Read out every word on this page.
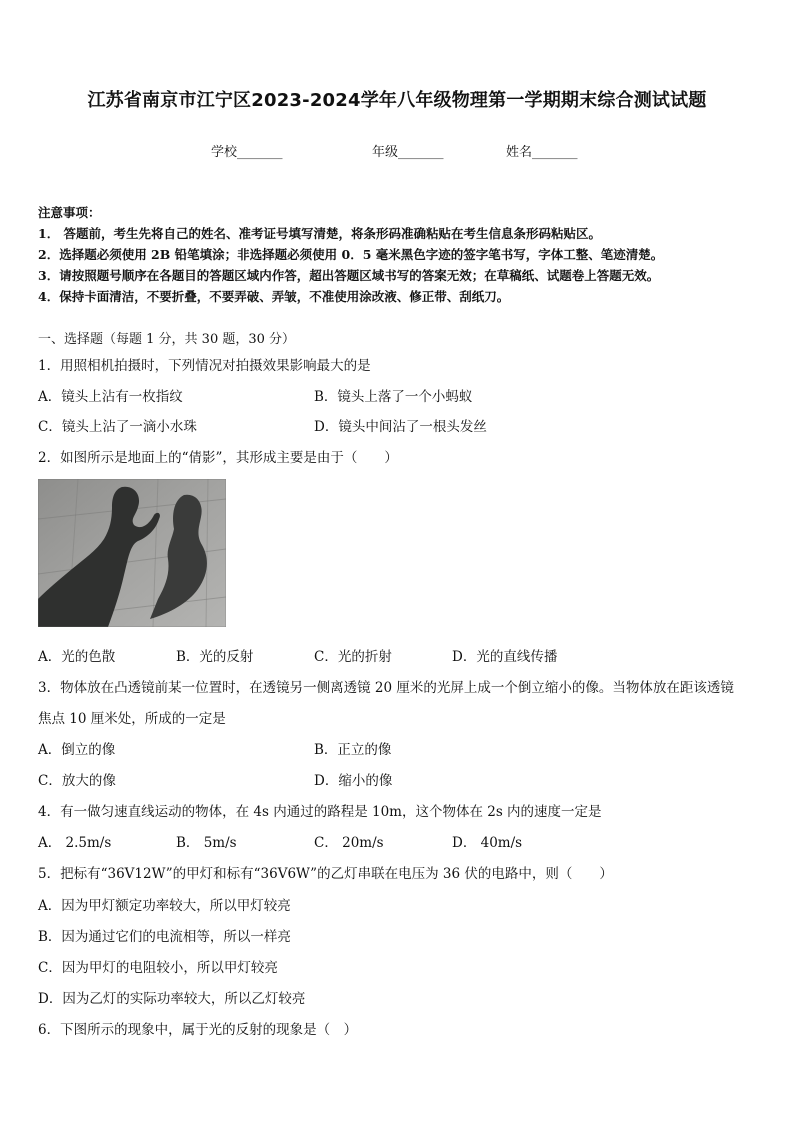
江苏省南京市江宁区2023-2024学年八年级物理第一学期期末综合测试试题
学校_______	年级_______	姓名_______
注意事项：
1． 答题前，考生先将自己的姓名、准考证号填写清楚，将条形码准确粘贴在考生信息条形码粘贴区。
2．选择题必须使用 2B 铅笔填涂；非选择题必须使用 0．5 毫米黑色字迹的签字笔书写，字体工整、笔迹清楚。
3．请按照题号顺序在各题目的答题区域内作答，超出答题区域书写的答案无效；在草稿纸、试题卷上答题无效。
4．保持卡面清洁，不要折叠，不要弄破、弄皱，不准使用涂改液、修正带、刮纸刀。
一、选择题（每题 1 分，共 30 题，30 分）
1．用照相机拍摄时，下列情况对拍摄效果影响最大的是
A．镜头上沾有一枚指纹	B．镜头上落了一个小蚂蚁
C．镜头上沾了一滴小水珠	D．镜头中间沾了一根头发丝
2．如图所示是地面上的“倩影”，其形成主要是由于（　　）
A．光的色散	B．光的反射	C．光的折射	D．光的直线传播
3．物体放在凸透镜前某一位置时，在透镜另一侧离透镜 20 厘米的光屏上成一个倒立缩小的像。当物体放在距该透镜
焦点 10 厘米处，所成的一定是
A．倒立的像	B．正立的像
C．放大的像	D．缩小的像
4．有一做匀速直线运动的物体，在 4s 内通过的路程是 10m，这个物体在 2s 内的速度一定是
A． 2.5m/s	B． 5m/s	C． 20m/s	D． 40m/s
5．把标有“36V12W”的甲灯和标有“36V6W”的乙灯串联在电压为 36 伏的电路中，则（　　）
A．因为甲灯额定功率较大，所以甲灯较亮
B．因为通过它们的电流相等，所以一样亮
C．因为甲灯的电阻较小，所以甲灯较亮
D．因为乙灯的实际功率较大，所以乙灯较亮
6．下图所示的现象中，属于光的反射的现象是（　）
